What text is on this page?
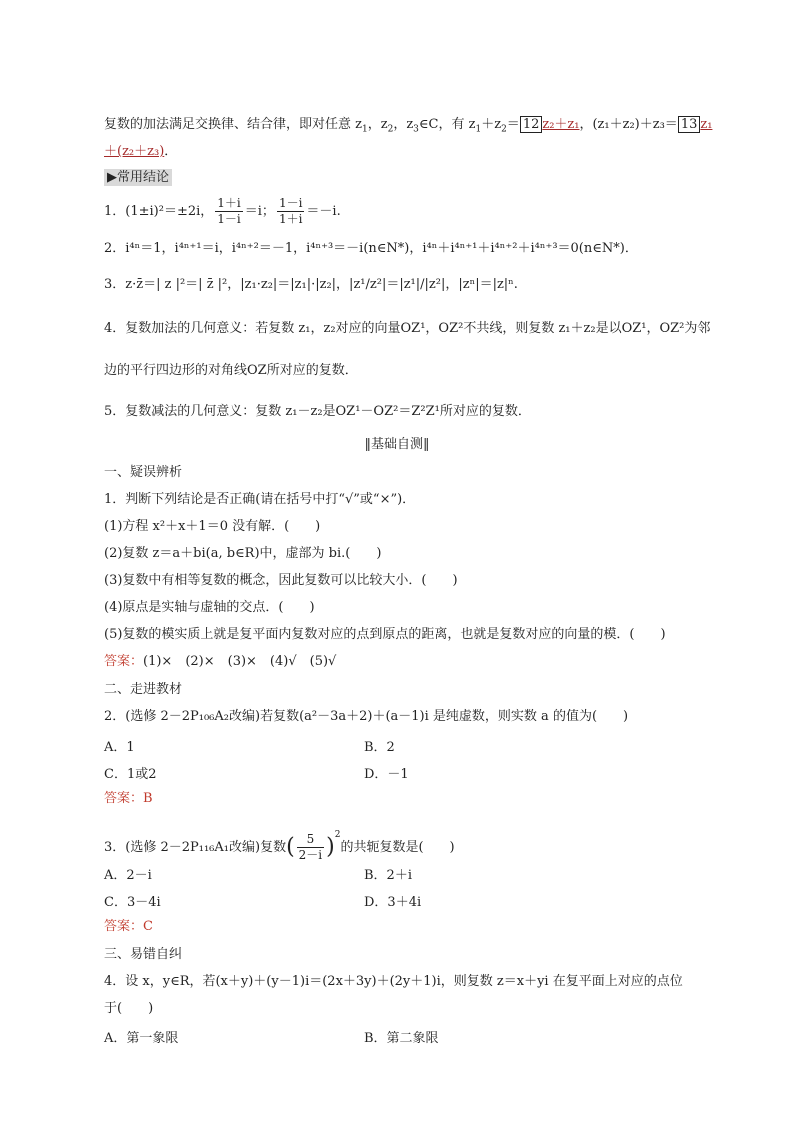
复数的加法满足交换律、结合律，即对任意 $z_1$，$z_2$，$z_3\in C$，有 $z_1+z_2= 12$ z₂＋z₁，(z₁＋z₂)＋z₃＝ 13 z₁
＋(z₂＋z₃)．
▶常用结论
1．(1±i)²＝±2i， $\frac{1+i}{1-i} =i$； $\frac{1-i}{1+i} =-i$.
2．i⁴ⁿ＝1，i⁴ⁿ⁺¹＝i，i⁴ⁿ⁺²＝－1，i⁴ⁿ⁺³＝－i(n∈N*)，i⁴ⁿ＋i⁴ⁿ⁺¹＋i⁴ⁿ⁺²＋i⁴ⁿ⁺³＝0(n∈N*)．
3．z·z̄＝| z |²＝| z̄ |²，|z₁·z₂|＝|z₁|·|z₂|，|z¹/z²|＝|z¹|/|z²|，|zⁿ|＝|z|ⁿ.
4．复数加法的几何意义：若复数 z₁，z₂对应的向量OZ¹，OZ²不共线，则复数 z₁＋z₂是以OZ¹，OZ²为邻
边的平行四边形的对角线OZ所对应的复数．
5．复数减法的几何意义：复数 z₁－z₂是OZ¹－OZ²＝Z²Z¹所对应的复数．
‖基础自测‖
一、疑误辨析
1．判断下列结论是否正确(请在括号中打“√”或“×”)．
(1)方程 x²＋x＋1＝0 没有解．(　　)
(2)复数 z＝a＋bi(a, b∈R)中，虚部为 bi.(　　)
(3)复数中有相等复数的概念，因此复数可以比较大小．(　　)
(4)原点是实轴与虚轴的交点．(　　)
(5)复数的模实质上就是复平面内复数对应的点到原点的距离，也就是复数对应的向量的模．(　　)
答案：(1)×　(2)×　(3)×　(4)√　(5)√
二、走进教材
2．(选修 2－2P₁₀₆A₂改编)若复数(a²－3a＋2)＋(a－1)i 是纯虚数，则实数 a 的值为(　　)
A．1	B．2
C．1或2	D．－1
答案：B
3．(选修 2－2P₁₁₆A₁改编)复数( $\frac{5}{2-i} )^2$的共轭复数是(　　)
A．2－i	B．2＋i
C．3－4i	D．3＋4i
答案：C
三、易错自纠
4．设 x，y∈R，若(x＋y)＋(y－1)i＝(2x＋3y)＋(2y＋1)i，则复数 z＝x＋yi 在复平面上对应的点位
于(　　)
A．第一象限	B．第二象限
